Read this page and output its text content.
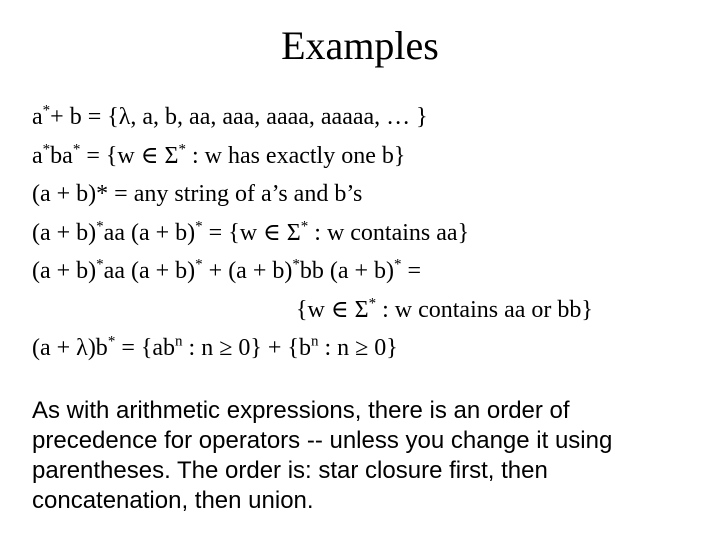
Examples
a*+ b = {λ, a, b, aa, aaa, aaaa, aaaaa, … }
a*ba* = {w ∈ Σ* : w has exactly one b}
(a + b)* = any string of a’s and b’s
(a + b)*aa (a + b)* = {w ∈ Σ* : w contains aa}
(a + b)*aa (a + b)* + (a + b)*bb (a + b)* =
{w ∈ Σ* : w contains aa or bb}
$(a + \lambda)b^* = \{ab^n$ : $n \ge 0\} + \{b^n$ : n ≥ 0}

As with arithmetic expressions, there is an order of precedence for operators -- unless you change it using parentheses. The order is: star closure first, then concatenation, then union.
